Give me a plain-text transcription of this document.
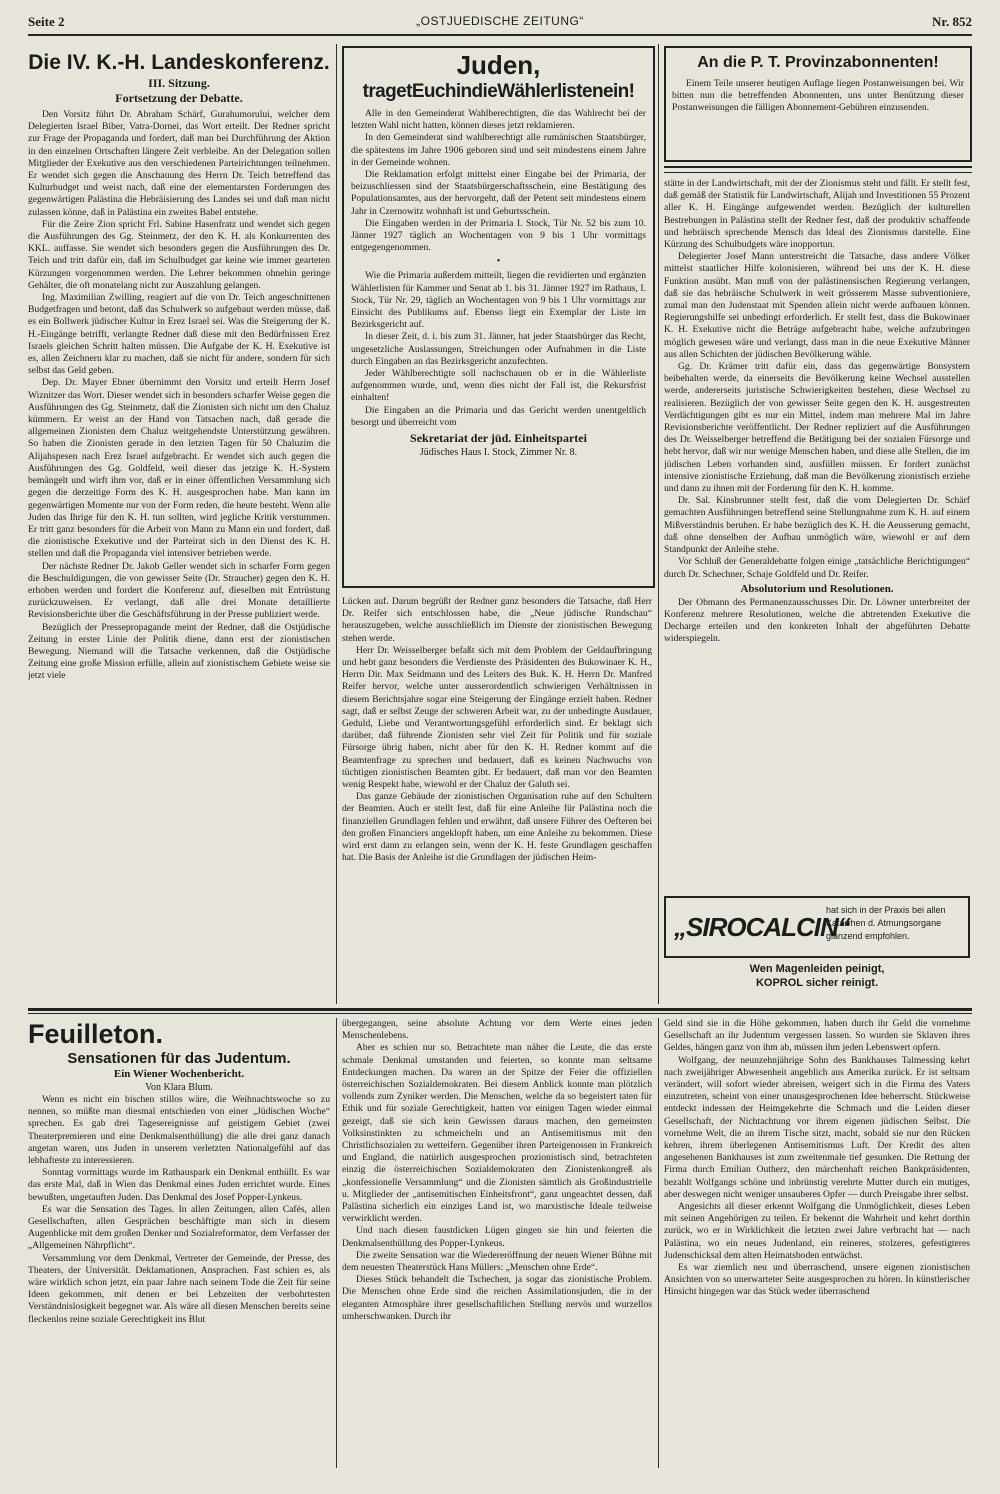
Seite 2	„OSTJUEDISCHE ZEITUNG“	Nr. 852
Die IV. K.-H. Landeskonferenz.
III. Sitzung.
Fortsetzung der Debatte.

Den Vorsitz führt Dr. Abraham Schärf, Gurahumorului, welcher dem Delegierten Israel Biber, Vatra-Dornei, das Wort erteilt. Der Redner spricht zur Frage der Propaganda und fordert, daß man bei Durchführung der Aktion in den einzelnen Ortschaften längere Zeit verbleibe. An der Delegation sollen Mitglieder der Exekutive aus den verschiedenen Parteirichtungen teilnehmen. Er wendet sich gegen die Anschauung des Herrn Dr. Teich betreffend das Kulturbudget und weist nach, daß eine der elementarsten Forderungen des gegenwärtigen Palästina die Hebräisierung des Landes sei und daß man nicht zulassen könne, daß in Palästina ein zweites Babel entstehe.

Für die Zeire Zion spricht Frl. Sabine Hasenfratz und wendet sich gegen die Ausführungen des Gg. Steinmetz, der den K. H. als Konkurrenten des KKL. auffasse. Sie wendet sich besonders gegen die Ausführungen des Dr. Teich und tritt dafür ein, daß im Schulbudget gar keine wie immer gearteten Kürzungen vorgenommen werden. Die Lehrer bekommen ohnehin geringe Gehälter, die oft monatelang nicht zur Auszahlung gelangen.

Ing. Maximilian Zwilling, reagiert auf die von Dr. Teich angeschnittenen Budgetfragen und betont, daß das Schulwerk so aufgebaut werden müsse, daß es ein Bollwerk jüdischer Kultur in Erez Israel sei. Was die Steigerung der K. H.-Eingänge betrifft, verlangte Redner daß diese mit den Bedürfnissen Erez Israels gleichen Schritt halten müssen. Die Aufgabe der K. H. Exekutive ist es, allen Zeichnern klar zu machen, daß sie nicht für andere, sondern für sich selbst das Geld geben.

Dep. Dr. Mayer Ebner übernimmt den Vorsitz und erteilt Herrn Josef Wiznitzer das Wort. Dieser wendet sich in besonders scharfer Weise gegen die Ausführungen des Gg. Steinmetz, daß die Zionisten sich nicht um den Chaluz kümmern. Er weist an der Hand von Tatsachen nach, daß gerade die allgemeinen Zionisten dem Chaluz weitgehendste Unterstützung gewähren. So haben die Zionisten gerade in den letzten Tagen für 50 Chaluzim die Alijahspesen nach Erez Israel aufgebracht. Er wendet sich auch gegen die Ausführungen des Gg. Goldfeld, weil dieser das jetzige K. H.-System bemängelt und wirft ihm vor, daß er in einer öffentlichen Versammlung sich gegen die derzeitige Form des K. H. ausgesprochen habe. Man kann im gegenwärtigen Momente nur von der Form reden, die heute besteht. Wenn alle Juden das Ihrige für den K. H. tun sollten, wird jegliche Kritik verstummen. Er tritt ganz besonders für die Arbeit von Mann zu Mann ein und fordert, daß die zionistische Exekutive und der Parteirat sich in den Dienst des K. H. stellen und daß die Propaganda viel intensiver betrieben werde.

Der nächste Redner Dr. Jakob Geller wendet sich in scharfer Form gegen die Beschuldigungen, die von gewisser Seite (Dr. Straucher) gegen den K. H. erhoben werden und fordert die Konferenz auf, dieselben mit Entrüstung zurückzuweisen. Er verlangt, daß alle drei Monate detaillierte Revisionsberichte über die Geschäftsführung in der Presse publiziert werde.

Bezüglich der Pressepropagande meint der Redner, daß die Ostjüdische Zeitung in erster Linie der Politik diene, dann erst der zionistischen Bewegung. Niemand will die Tatsache verkennen, daß die Ostjüdische Zeitung eine große Mission erfülle, allein auf zionistischem Gebiete weise sie jetzt viele

Juden,
tragetEuchindieWählerlistenein!

Alle in den Gemeinderat Wahlberechtigten, die das Wahlrecht bei der letzten Wahl nicht hatten, können dieses jetzt reklamieren.

In den Gemeinderat sind wahlberechtigt alle rumänischen Staatsbürger, die spätestens im Jahre 1906 geboren sind und seit mindestens einem Jahre in der Gemeinde wohnen.

Die Reklamation erfolgt mittelst einer Eingabe bei der Primaria, der beizuschliessen sind der Staatsbürgerschaftsschein, eine Bestätigung des Populationsamtes, aus der hervorgeht, daß der Petent seit mindestens einem Jahr in Czernowitz wohnhaft ist und Geburtsschein.

Die Eingaben werden in der Primaria I. Stock, Tür Nr. 52 bis zum 10. Jänner 1927 täglich an Wochentagen von 9 bis 1 Uhr vormittags entgegengenommen.

•

Wie die Primaria außerdem mitteilt, liegen die revidierten und ergänzten Wählerlisten für Kammer und Senat ab 1. bis 31. Jänner 1927 im Rathaus, I. Stock, Tür Nr. 29, täglich an Wochentagen von 9 bis 1 Uhr vormittags zur Einsicht des Publikums auf. Ebenso liegt ein Exemplar der Liste im Bezirksgericht auf.

In dieser Zeit, d. i. bis zum 31. Jänner, hat jeder Staatsbürger das Recht, ungesetzliche Auslassungen, Streichungen oder Aufnahmen in die Liste durch Eingaben an das Bezirksgericht anzufechten.

Jeder Wählberechtigte soll nachschauen ob er in die Wählerliste aufgenommen wurde, und, wenn dies nicht der Fall ist, die Rekursfrist einhalten!

Die Eingaben an die Primaria und das Gericht werden unentgeltlich besorgt und überreicht vom

Sekretariat der jüd. Einheitspartei
Jüdisches Haus I. Stock, Zimmer Nr. 8.

Lücken auf. Darum begrüßt der Redner ganz besonders die Tatsache, daß Herr Dr. Reifer sich entschlossen habe, die „Neue jüdische Rundschau“ herauszugeben, welche ausschließlich im Dienste der zionistischen Bewegung stehen werde.

Herr Dr. Weisselberger befaßt sich mit dem Problem der Geldaufbringung und hebt ganz besonders die Verdienste des Präsidenten des Bukowinaer K. H., Herrn Dir. Max Seidmann und des Leiters des Buk. K. H. Herrn Dr. Manfred Reifer hervor, welche unter ausserordentlich schwierigen Verhältnissen in diesem Berichtsjahre sogar eine Steigerung der Eingänge erzielt haben. Redner sagt, daß er selbst Zeuge der schweren Arbeit war, zu der unbedingte Ausdauer, Geduld, Liebe und Verantwortungsgefühl erforderlich sind. Er beklagt sich darüber, daß führende Zionisten sehr viel Zeit für Politik und für soziale Fürsorge übrig haben, nicht aber für den K. H. Redner kommt auf die Beamtenfrage zu sprechen und bedauert, daß es keinen Nachwuchs von tüchtigen zionistischen Beamten gibt. Er bedauert, daß man vor den Beamten wenig Respekt habe, wiewohl er der Chaluz der Galuth sei.

Das ganze Gebäude der zionistischen Organisation ruhe auf den Schultern der Beamten. Auch er stellt fest, daß für eine Anleihe für Palästina noch die finanziellen Grundlagen fehlen und erwähnt, daß unsere Führer des Oefteren bei den großen Financiers angeklopft haben, um eine Anleihe zu bekommen. Diese wird erst dann zu erlangen sein, wenn der K. H. feste Grundlagen geschaffen hat. Die Basis der Anleihe ist die Grundlagen der jüdischen Heim-

An die P. T. Provinzabonnenten!

Einem Teile unserer heutigen Auflage liegen Postanweisungen bei. Wir bitten nun die betreffenden Abonnenten, uns unter Benützung dieser Postanweisungen die fälligen Abonnement-Gebühren einzusenden.

stätte in der Landwirtschaft, mit der der Zionismus steht und fällt. Er stellt fest, daß gemäß der Statistik für Landwirtschaft, Alijah und Investitionen 55 Prozent aller K. H. Eingänge aufgewendet werden. Bezüglich der kulturellen Bestrebungen in Palästina stellt der Redner fest, daß der produktiv schaffende und hebräisch sprechende Mensch das Ideal des Zionismus darstelle. Eine Kürzung des Schulbudgets wäre inopportun.

Delegierter Josef Mann unterstreicht die Tatsache, dass andere Völker mittelst staatlicher Hilfe kolonisieren, während bei uns der K. H. diese Funktion ausübt. Man muß von der palästinensischen Regierung verlangen, daß sie das hebräische Schulwerk in weit grösserem Masse subventioniere, zumal man den Judenstaat mit Spenden allein nicht werde aufbauen können. Regierungshilfe sei unbedingt erforderlich. Er stellt fest, dass die Bukowinaer K. H. Exekutive nicht die Beträge aufgebracht habe, welche aufzubringen möglich gewesen wäre und verlangt, dass man in die neue Exekutive Männer aus allen Schichten der jüdischen Bevölkerung wähle.

Gg. Dr. Krämer tritt dafür ein, dass das gegenwärtige Bonsystem beibehalten werde, da einerseits die Bevölkerung keine Wechsel ausstellen werde, andererseits juristische Schwierigkeiten bestehen, diese Wechsel zu realisieren. Bezüglich der von gewisser Seite gegen den K. H. ausgestreuten Verdächtigungen gibt es nur ein Mittel, indem man mehrere Mal im Jahre Revisionsberichte veröffentlicht. Der Redner repliziert auf die Ausführungen des Dr. Weisselberger betreffend die Betätigung bei der sozialen Fürsorge und hebt hervor, daß wir nur wenige Menschen haben, und diese alle Stellen, die im jüdischen Leben vorhanden sind, ausfüllen müssen. Er fordert zunächst intensive zionistische Erziehung, daß man die Bevölkerung zionistisch erziehe und dann zu ihnen mit der Forderung für den K. H. komme.

Dr. Sal. Kinsbrunner stellt fest, daß die vom Delegierten Dr. Schärf gemachten Ausführungen betreffend seine Stellungnahme zum K. H. auf einem Mißverständnis beruhen. Er habe bezüglich des K. H. die Aeusserung gemacht, daß ohne denselben der Aufbau unmöglich wäre, wiewohl er auf dem Standpunkt der Anleihe stehe.

Vor Schluß der Generaldebatte folgen einige „tatsächliche Berichtigungen“ durch Dr. Schechner, Schaje Goldfeld und Dr. Reifer.

Absolutorium und Resolutionen.

Der Obmann des Permanenzausschusses Dir. Dr. Löwner unterbreitet der Konferenz mehrere Resolutionen, welche die abtretenden Exekutive die Decharge erteilen und den konkreten Inhalt der abgeführten Debatte widerspiegeln.

„SIROCALCIN“
hat sich in der Praxis bei allen Katarrhen d. Atmungsorgane glänzend empfohlen.
Wen Magenleiden peinigt,
KOPROL sicher reinigt.
Feuilleton.
Sensationen für das Judentum.
Ein Wiener Wochenbericht.
Von Klara Blum.

Wenn es nicht ein bischen stillos wäre, die Weihnachtswoche so zu nennen, so müßte man diesmal entschieden von einer „Jüdischen Woche“ sprechen. Es gab drei Tagesereignisse auf geistigem Gebiet (zwei Theaterpremieren und eine Denkmalsenthüllung) die alle drei ganz danach angetan waren, uns Juden in unserem verletzten Nationalgefühl auf das lebhafteste zu interessieren.

Sonntag vormittags wurde im Rathauspark ein Denkmal enthüllt. Es war das erste Mal, daß in Wien das Denkmal eines Juden errichtet wurde. Eines bewußten, ungetauften Juden. Das Denkmal des Josef Popper-Lynkeus.

Es war die Sensation des Tages. In allen Zeitungen, allen Cafés, allen Gesellschaften, allen Gesprächen beschäftigte man sich in diesem Augenblicke mit dem großen Denker und Sozialreformator, dem Verfasser der „Allgemeinen Nährpflicht“.

Versammlung vor dem Denkmal, Vertreter der Gemeinde, der Presse, des Theaters, der Universität. Deklamationen, Ansprachen. Fast schien es, als wäre wirklich schon jetzt, ein paar Jahre nach seinem Tode die Zeit für seine Ideen gekommen, mit denen er bei Lebzeiten der verbohrtesten Verständnislosigkeit begegnet war. Als wäre all diesen Menschen bereits seine fleckenlos reine soziale Gerechtigkeit ins Blut

übergegangen, seine absolute Achtung vor dem Werte eines jeden Menschenlebens.

Aber es schien nur so. Betrachtete man näher die Leute, die das erste schmale Denkmal umstanden und feierten, so konnte man seltsame Entdeckungen machen. Da waren an der Spitze der Feier die offiziellen österreichischen Sozialdemokraten. Bei diesem Anblick konnte man plötzlich vollends zum Zyniker werden. Die Menschen, welche da so begeistert taten für Ethik und für soziale Gerechtigkeit, hatten vor einigen Tagen wieder einmal gezeigt, daß sie sich kein Gewissen daraus machen, den gemeinsten Volksinstinkten zu schmeicheln und an Antisemitismus mit den Christlichsozialen zu wetteifern. Gegenüber ihren Parteigenossen in Frankreich und England, die natürlich ausgesprochen prozionistisch sind, betrachteten einzig die österreichischen Sozialdemokraten den Zionistenkongreß als „konfessionelle Versammlung“ und die Zionisten sämtlich als Großindustrielle u. Mitglieder der „antisemitischen Einheitsfront“, ganz ungeachtet dessen, daß Palästina sicherlich ein einziges Land ist, wo marxistische Ideale teilweise verwirklicht werden.

Und nach diesen faustdicken Lügen gingen sie hin und feierten die Denkmalsenthüllung des Popper-Lynkeus.

Die zweite Sensation war die Wiedereröffnung der neuen Wiener Bühne mit dem neuesten Theaterstück Hans Müllers: „Menschen ohne Erde“.

Dieses Stück behandelt die Tschechen, ja sogar das zionistische Problem. Die Menschen ohne Erde sind die reichen Assimilationsjuden, die in der eleganten Atmosphäre ihrer gesellschaftlichen Stellung nervös und wurzellos umherschwanken. Durch ihr

Geld sind sie in die Höhe gekommen, haben durch ihr Geld die vornehme Gesellschaft an ihr Judentum vergessen lassen. So wurden sie Sklaven ihres Geldes, hängen ganz von ihm ab, müssen ihm jeden Lebenswert opfern.

Wolfgang, der neunzehnjährige Sohn des Bankhauses Talmessing kehrt nach zweijähriger Abwesenheit angeblich aus Amerika zurück. Er ist seltsam verändert, will sofort wieder abreisen, weigert sich in die Firma des Vaters einzutreten, scheint von einer unausgesprochenen Idee beherrscht. Stückweise entdeckt indessen der Heimgekehrte die Schmach und die Leiden dieser Gesellschaft, der Nichtachtung vor ihrem eigenen jüdischen Selbst. Die vornehme Welt, die an ihrem Tische sitzt, macht, sobald sie nur den Rücken kehren, ihrem überlegenen Antisemitismus Luft. Der Kredit des alten angesehenen Bankhauses ist zum zweitenmale tief gesunken. Die Rettung der Firma durch Emilian Outherz, den märchenhaft reichen Bankpräsidenten, bezahlt Wolfgangs schöne und inbrünstig verehrte Mutter durch ein mutiges, aber deswegen nicht weniger unsauberes Opfer — durch Preisgabe ihrer selbst.

Angesichts all dieser erkennt Wolfgang die Unmöglichkeit, dieses Leben mit seinen Angehörigen zu teilen. Er bekennt die Wahrheit und kehrt dorthin zurück, wo er in Wirklichkeit die letzten zwei Jahre verbracht hat — nach Palästina, wo ein neues Judenland, ein reineres, stolzeres, gefestigteres Judenschicksal dem alten Heimatsboden entwächst.

Es war ziemlich neu und überraschend, unsere eigenen zionistischen Ansichten von so unerwarteter Seite ausgesprochen zu hören. In künstlerischer Hinsicht hingegen war das Stück weder überraschend
